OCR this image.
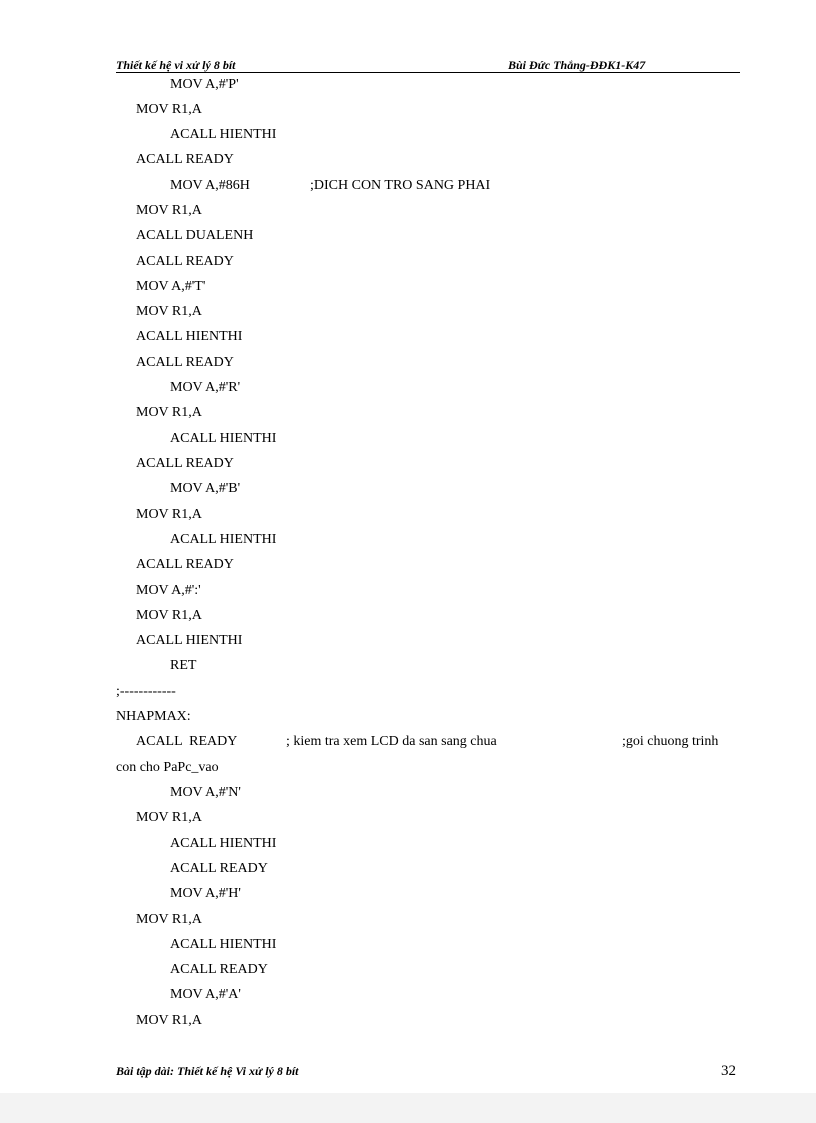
Thiết kế hệ vi xử lý 8 bít	Bùi Đức Thắng-ĐĐK1-K47
MOV A,#'P'
MOV R1,A
ACALL HIENTHI
ACALL READY
MOV A,#86H	;DICH CON TRO SANG PHAI
MOV R1,A
ACALL DUALENH
ACALL READY
MOV A,#'T'
MOV R1,A
ACALL HIENTHI
ACALL READY
MOV A,#'R'
MOV R1,A
ACALL HIENTHI
ACALL READY
MOV A,#'B'
MOV R1,A
ACALL HIENTHI
ACALL READY
MOV A,#':'
MOV R1,A
ACALL HIENTHI
RET
;------------
NHAPMAX:
ACALL  READY	; kiem tra xem LCD da san sang chua	;goi chuong trinh
con cho PaPc_vao
MOV A,#'N'
MOV R1,A
ACALL HIENTHI
ACALL READY
MOV A,#'H'
MOV R1,A
ACALL HIENTHI
ACALL READY
MOV A,#'A'
MOV R1,A
Bài tập dài: Thiết kế hệ Vi xử lý 8 bít	32
